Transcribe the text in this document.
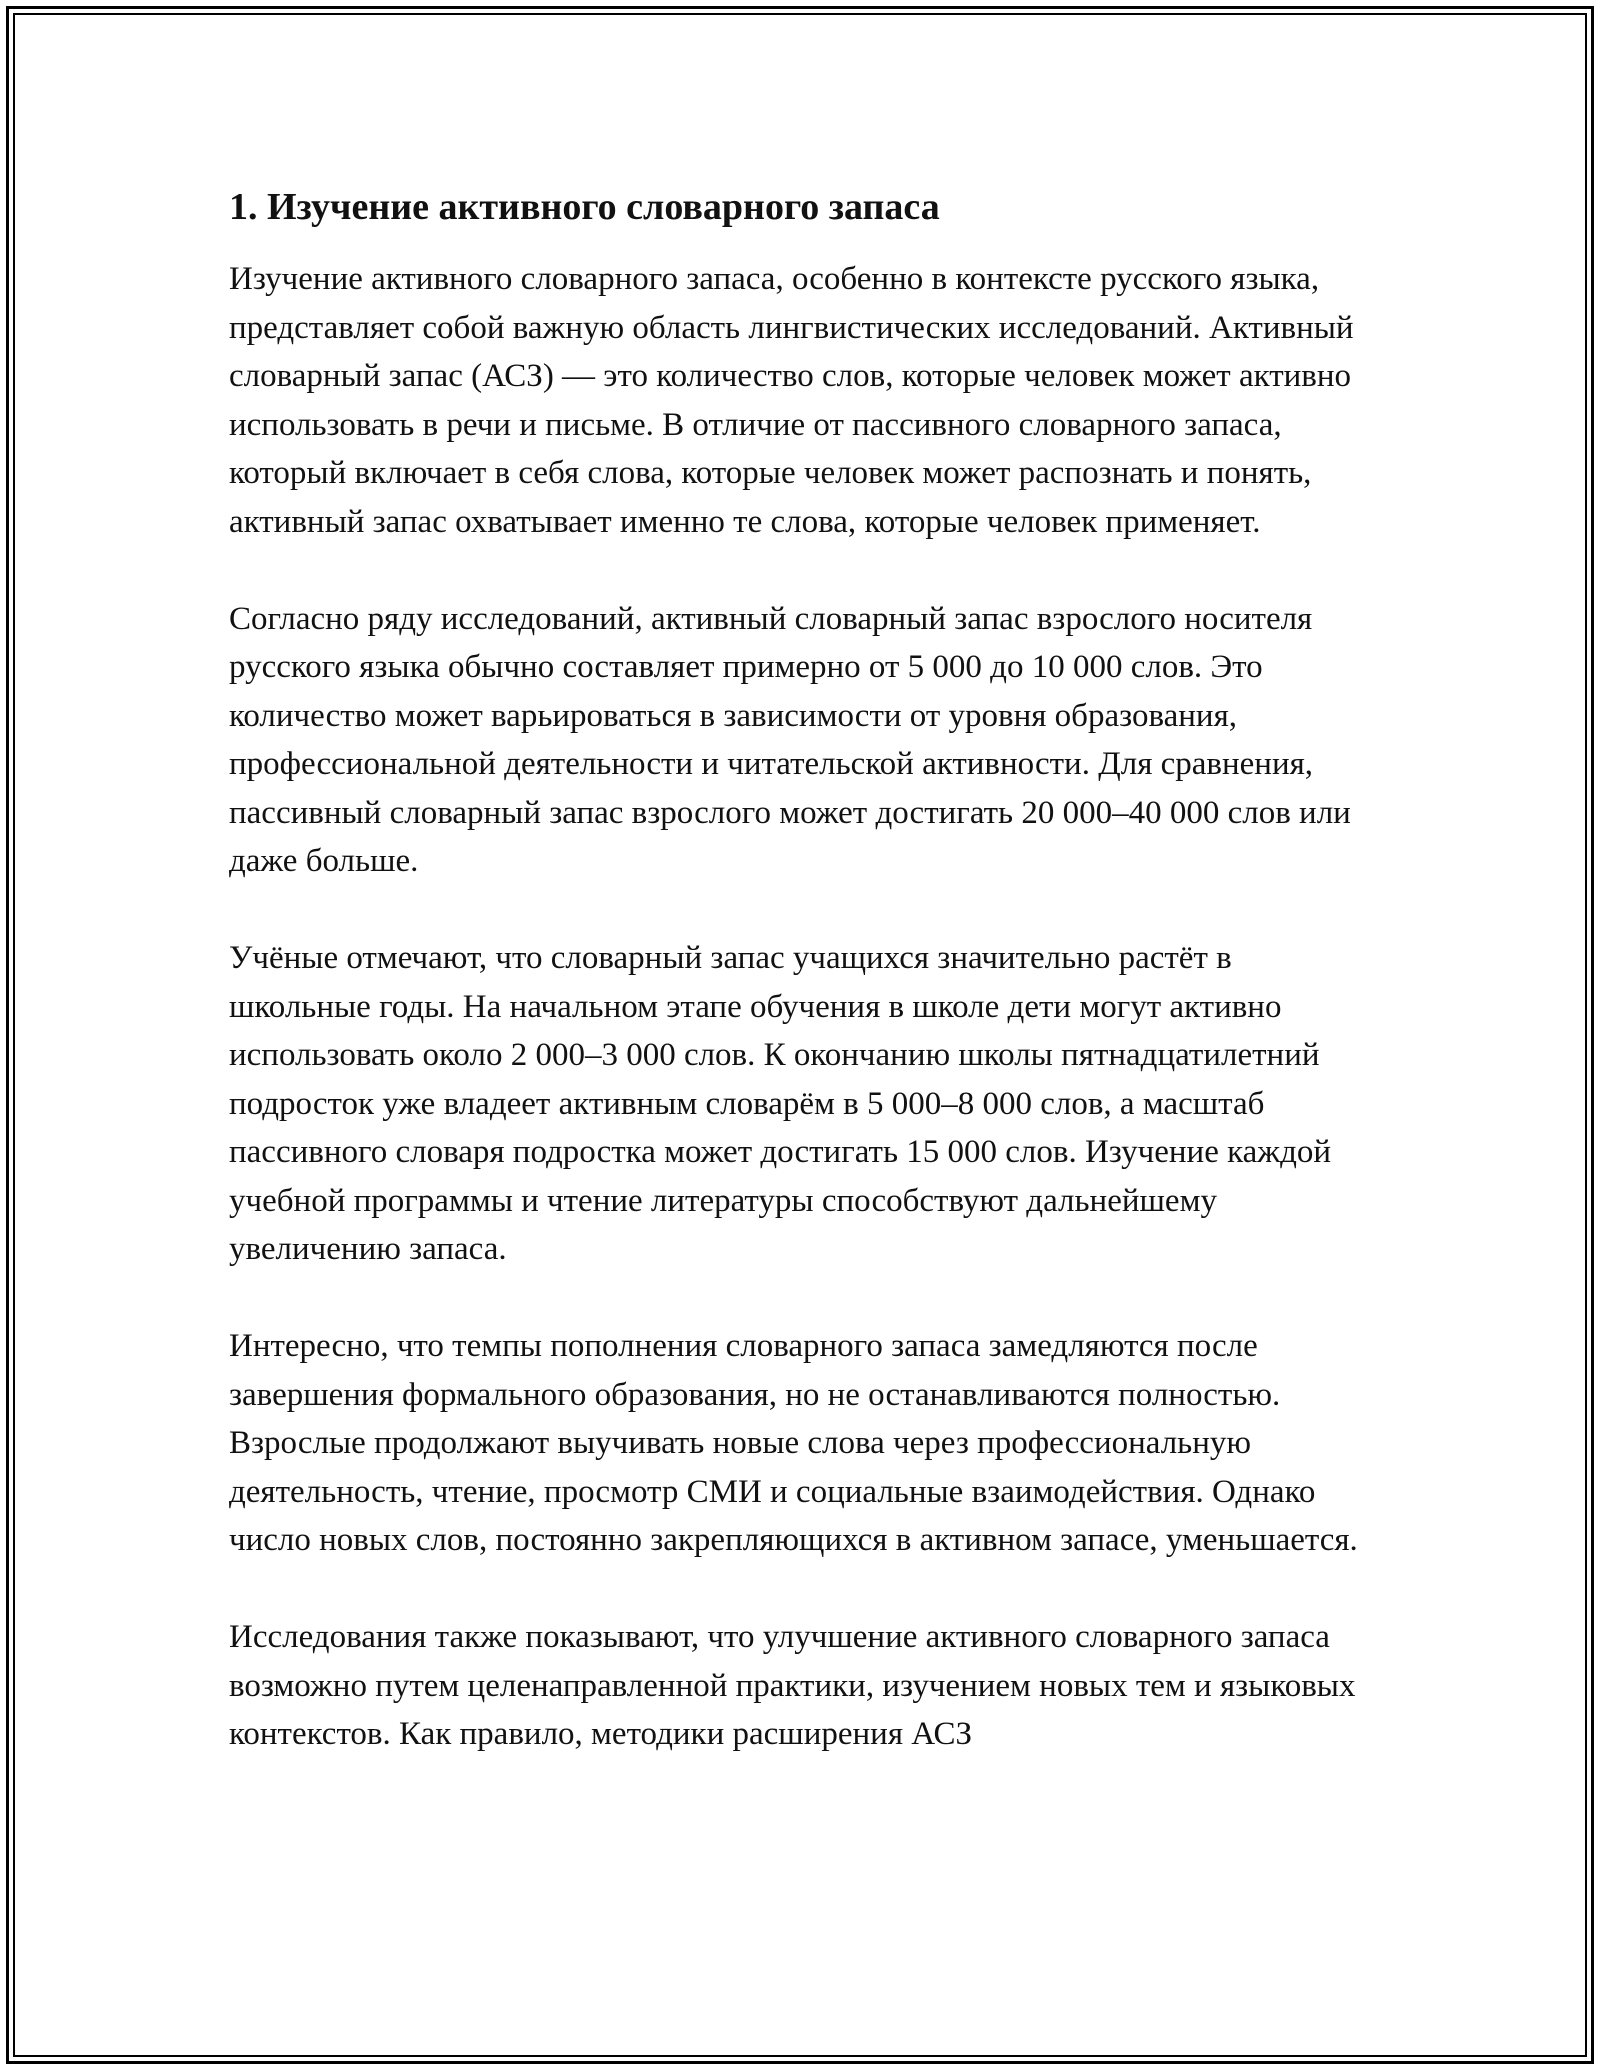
1. Изучение активного словарного запаса

Изучение активного словарного запаса, особенно в контексте русского языка, представляет собой важную область лингвистических исследований. Активный словарный запас (АСЗ) — это количество слов, которые человек может активно использовать в речи и письме. В отличие от пассивного словарного запаса, который включает в себя слова, которые человек может распознать и понять, активный запас охватывает именно те слова, которые человек применяет.

Согласно ряду исследований, активный словарный запас взрослого носителя русского языка обычно составляет примерно от 5 000 до 10 000 слов. Это количество может варьироваться в зависимости от уровня образования, профессиональной деятельности и читательской активности. Для сравнения, пассивный словарный запас взрослого может достигать 20 000–40 000 слов или даже больше.

Учёные отмечают, что словарный запас учащихся значительно растёт в школьные годы. На начальном этапе обучения в школе дети могут активно использовать около 2 000–3 000 слов. К окончанию школы пятнадцатилетний подросток уже владеет активным словарём в 5 000–8 000 слов, а масштаб пассивного словаря подростка может достигать 15 000 слов. Изучение каждой учебной программы и чтение литературы способствуют дальнейшему увеличению запаса.

Интересно, что темпы пополнения словарного запаса замедляются после завершения формального образования, но не останавливаются полностью. Взрослые продолжают выучивать новые слова через профессиональную деятельность, чтение, просмотр СМИ и социальные взаимодействия. Однако число новых слов, постоянно закрепляющихся в активном запасе, уменьшается.

Исследования также показывают, что улучшение активного словарного запаса возможно путем целенаправленной практики, изучением новых тем и языковых контекстов. Как правило, методики расширения АСЗ
